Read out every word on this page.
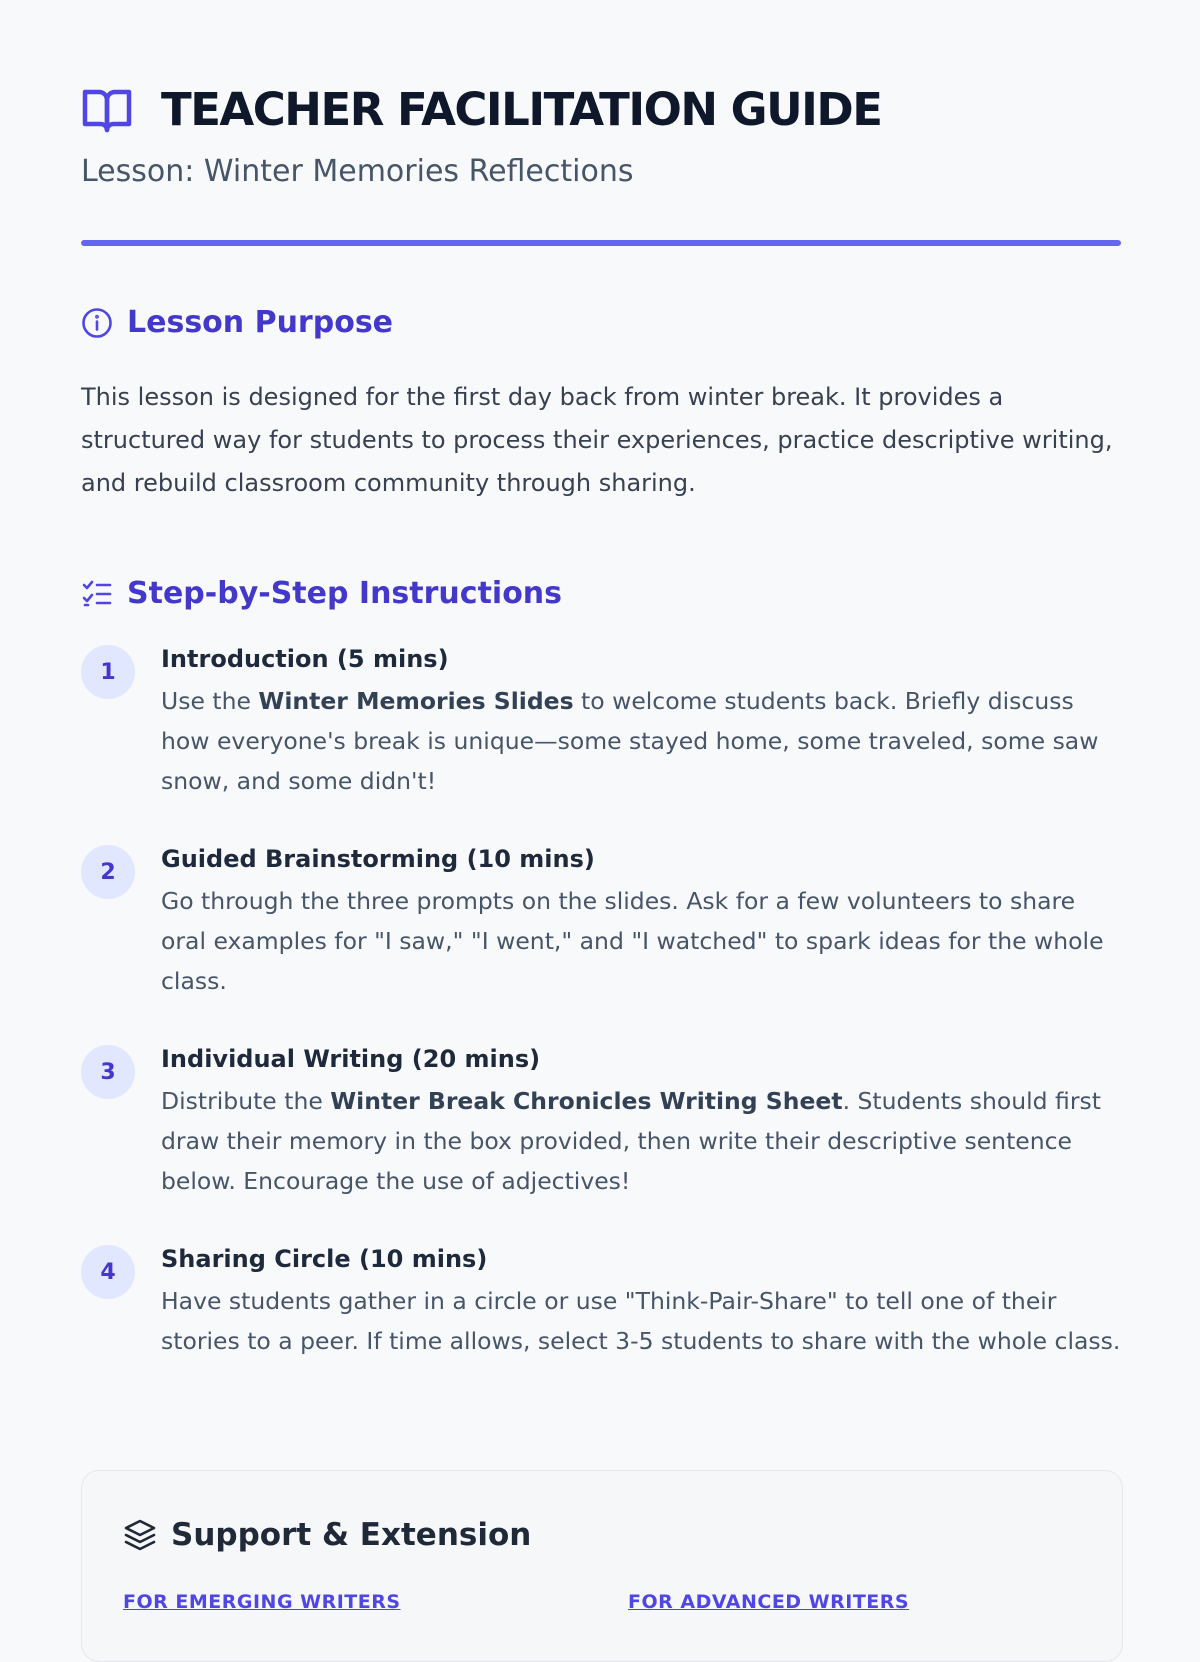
TEACHER FACILITATION GUIDE
Lesson: Winter Memories Reflections
Lesson Purpose
This lesson is designed for the first day back from winter break. It provides a structured way for students to process their experiences, practice descriptive writing, and rebuild classroom community through sharing.
Step-by-Step Instructions
1	Introduction (5 mins)
Use the Winter Memories Slides to welcome students back. Briefly discuss how everyone's break is unique—some stayed home, some traveled, some saw snow, and some didn't!
2	Guided Brainstorming (10 mins)
Go through the three prompts on the slides. Ask for a few volunteers to share oral examples for "I saw," "I went," and "I watched" to spark ideas for the whole class.
3	Individual Writing (20 mins)
Distribute the Winter Break Chronicles Writing Sheet. Students should first draw their memory in the box provided, then write their descriptive sentence below. Encourage the use of adjectives!
4	Sharing Circle (10 mins)
Have students gather in a circle or use "Think-Pair-Share" to tell one of their stories to a peer. If time allows, select 3-5 students to share with the whole class.
Support & Extension
FOR EMERGING WRITERS	FOR ADVANCED WRITERS
